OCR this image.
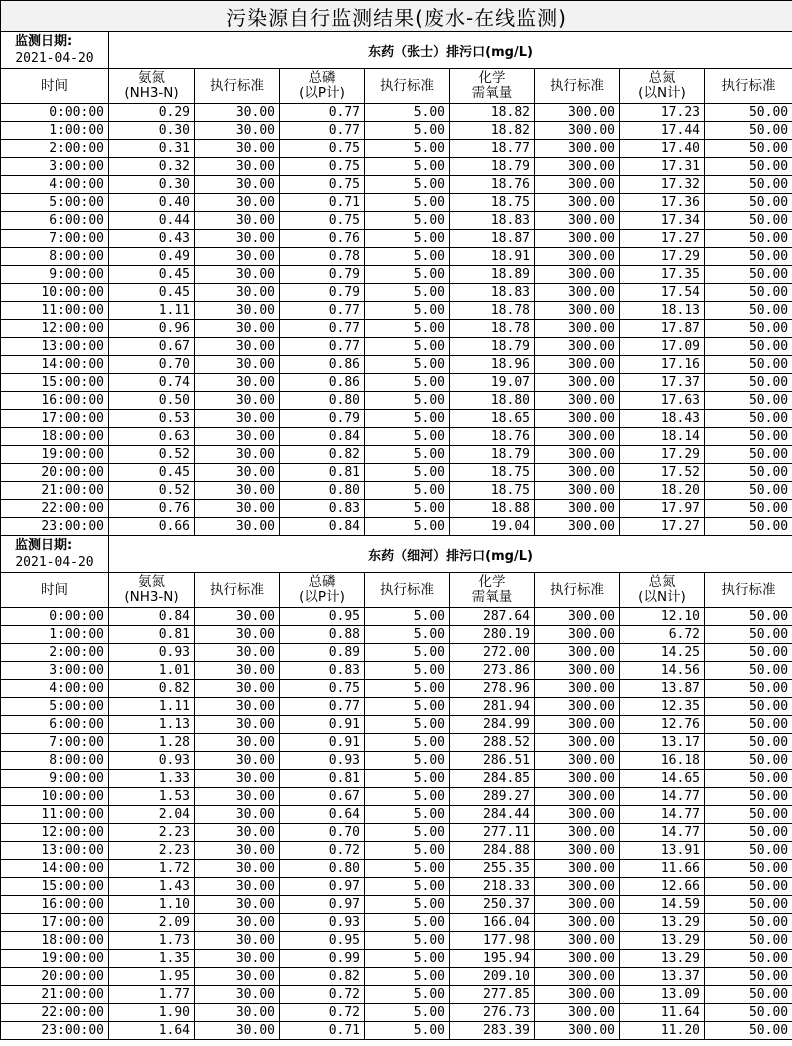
污染源自行监测结果(废水-在线监测)								

监测日期:
2021-04-20	东药（张士）排污口(mg/L)							

时间	氨氮
(NH3-N)	执行标准	总磷
(以P计)	执行标准	化学
需氧量	执行标准	总氮
(以N计)	执行标准

0:00:00	0.29	30.00	0.77	5.00	18.82	300.00	17.23	50.00
1:00:00	0.30	30.00	0.77	5.00	18.82	300.00	17.44	50.00
2:00:00	0.31	30.00	0.75	5.00	18.77	300.00	17.40	50.00
3:00:00	0.32	30.00	0.75	5.00	18.79	300.00	17.31	50.00
4:00:00	0.30	30.00	0.75	5.00	18.76	300.00	17.32	50.00
5:00:00	0.40	30.00	0.71	5.00	18.75	300.00	17.36	50.00
6:00:00	0.44	30.00	0.75	5.00	18.83	300.00	17.34	50.00
7:00:00	0.43	30.00	0.76	5.00	18.87	300.00	17.27	50.00
8:00:00	0.49	30.00	0.78	5.00	18.91	300.00	17.29	50.00
9:00:00	0.45	30.00	0.79	5.00	18.89	300.00	17.35	50.00
10:00:00	0.45	30.00	0.79	5.00	18.83	300.00	17.54	50.00
11:00:00	1.11	30.00	0.77	5.00	18.78	300.00	18.13	50.00
12:00:00	0.96	30.00	0.77	5.00	18.78	300.00	17.87	50.00
13:00:00	0.67	30.00	0.77	5.00	18.79	300.00	17.09	50.00
14:00:00	0.70	30.00	0.86	5.00	18.96	300.00	17.16	50.00
15:00:00	0.74	30.00	0.86	5.00	19.07	300.00	17.37	50.00
16:00:00	0.50	30.00	0.80	5.00	18.80	300.00	17.63	50.00
17:00:00	0.53	30.00	0.79	5.00	18.65	300.00	18.43	50.00
18:00:00	0.63	30.00	0.84	5.00	18.76	300.00	18.14	50.00
19:00:00	0.52	30.00	0.82	5.00	18.79	300.00	17.29	50.00
20:00:00	0.45	30.00	0.81	5.00	18.75	300.00	17.52	50.00
21:00:00	0.52	30.00	0.80	5.00	18.75	300.00	18.20	50.00
22:00:00	0.76	30.00	0.83	5.00	18.88	300.00	17.97	50.00
23:00:00	0.66	30.00	0.84	5.00	19.04	300.00	17.27	50.00

监测日期:
2021-04-20	东药（细河）排污口(mg/L)							

时间	氨氮
(NH3-N)	执行标准	总磷
(以P计)	执行标准	化学
需氧量	执行标准	总氮
(以N计)	执行标准

0:00:00	0.84	30.00	0.95	5.00	287.64	300.00	12.10	50.00
1:00:00	0.81	30.00	0.88	5.00	280.19	300.00	6.72	50.00
2:00:00	0.93	30.00	0.89	5.00	272.00	300.00	14.25	50.00
3:00:00	1.01	30.00	0.83	5.00	273.86	300.00	14.56	50.00
4:00:00	0.82	30.00	0.75	5.00	278.96	300.00	13.87	50.00
5:00:00	1.11	30.00	0.77	5.00	281.94	300.00	12.35	50.00
6:00:00	1.13	30.00	0.91	5.00	284.99	300.00	12.76	50.00
7:00:00	1.28	30.00	0.91	5.00	288.52	300.00	13.17	50.00
8:00:00	0.93	30.00	0.93	5.00	286.51	300.00	16.18	50.00
9:00:00	1.33	30.00	0.81	5.00	284.85	300.00	14.65	50.00
10:00:00	1.53	30.00	0.67	5.00	289.27	300.00	14.77	50.00
11:00:00	2.04	30.00	0.64	5.00	284.44	300.00	14.77	50.00
12:00:00	2.23	30.00	0.70	5.00	277.11	300.00	14.77	50.00
13:00:00	2.23	30.00	0.72	5.00	284.88	300.00	13.91	50.00
14:00:00	1.72	30.00	0.80	5.00	255.35	300.00	11.66	50.00
15:00:00	1.43	30.00	0.97	5.00	218.33	300.00	12.66	50.00
16:00:00	1.10	30.00	0.97	5.00	250.37	300.00	14.59	50.00
17:00:00	2.09	30.00	0.93	5.00	166.04	300.00	13.29	50.00
18:00:00	1.73	30.00	0.95	5.00	177.98	300.00	13.29	50.00
19:00:00	1.35	30.00	0.99	5.00	195.94	300.00	13.29	50.00
20:00:00	1.95	30.00	0.82	5.00	209.10	300.00	13.37	50.00
21:00:00	1.77	30.00	0.72	5.00	277.85	300.00	13.09	50.00
22:00:00	1.90	30.00	0.72	5.00	276.73	300.00	11.64	50.00
23:00:00	1.64	30.00	0.71	5.00	283.39	300.00	11.20	50.00
